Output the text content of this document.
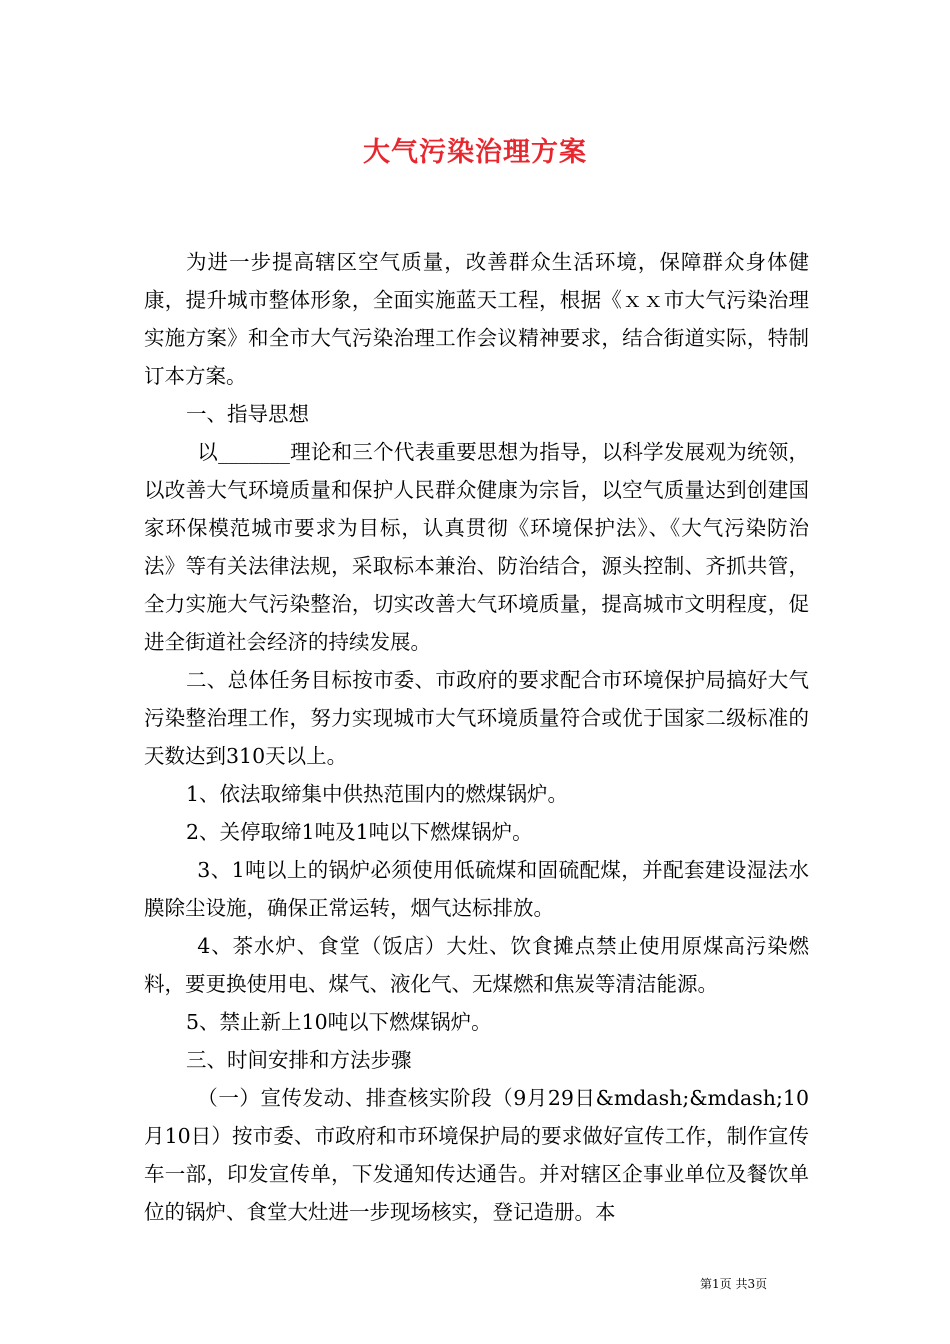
大气污染治理方案

为进一步提高辖区空气质量，改善群众生活环境，保障群众身体健康，提升城市整体形象，全面实施蓝天工程，根据《ｘｘ市大气污染治理实施方案》和全市大气污染治理工作会议精神要求，结合街道实际，特制订本方案。

一、指导思想

以_______理论和三个代表重要思想为指导，以科学发展观为统领，以改善大气环境质量和保护人民群众健康为宗旨，以空气质量达到创建国家环保模范城市要求为目标，认真贯彻《环境保护法》、《大气污染防治法》等有关法律法规，采取标本兼治、防治结合，源头控制、齐抓共管，全力实施大气污染整治，切实改善大气环境质量，提高城市文明程度，促进全街道社会经济的持续发展。

二、总体任务目标按市委、市政府的要求配合市环境保护局搞好大气污染整治理工作，努力实现城市大气环境质量符合或优于国家二级标准的天数达到310天以上。

1、依法取缔集中供热范围内的燃煤锅炉。

2、关停取缔1吨及1吨以下燃煤锅炉。

3、1吨以上的锅炉必须使用低硫煤和固硫配煤，并配套建设湿法水膜除尘设施，确保正常运转，烟气达标排放。

4、茶水炉、食堂（饭店）大灶、饮食摊点禁止使用原煤高污染燃料，要更换使用电、煤气、液化气、无煤燃和焦炭等清洁能源。

5、禁止新上10吨以下燃煤锅炉。

三、时间安排和方法步骤

（一）宣传发动、排查核实阶段（9月29日&mdash;&mdash;10月10日）按市委、市政府和市环境保护局的要求做好宣传工作，制作宣传车一部，印发宣传单，下发通知传达通告。并对辖区企事业单位及餐饮单位的锅炉、食堂大灶进一步现场核实，登记造册。本

第1页 共3页
